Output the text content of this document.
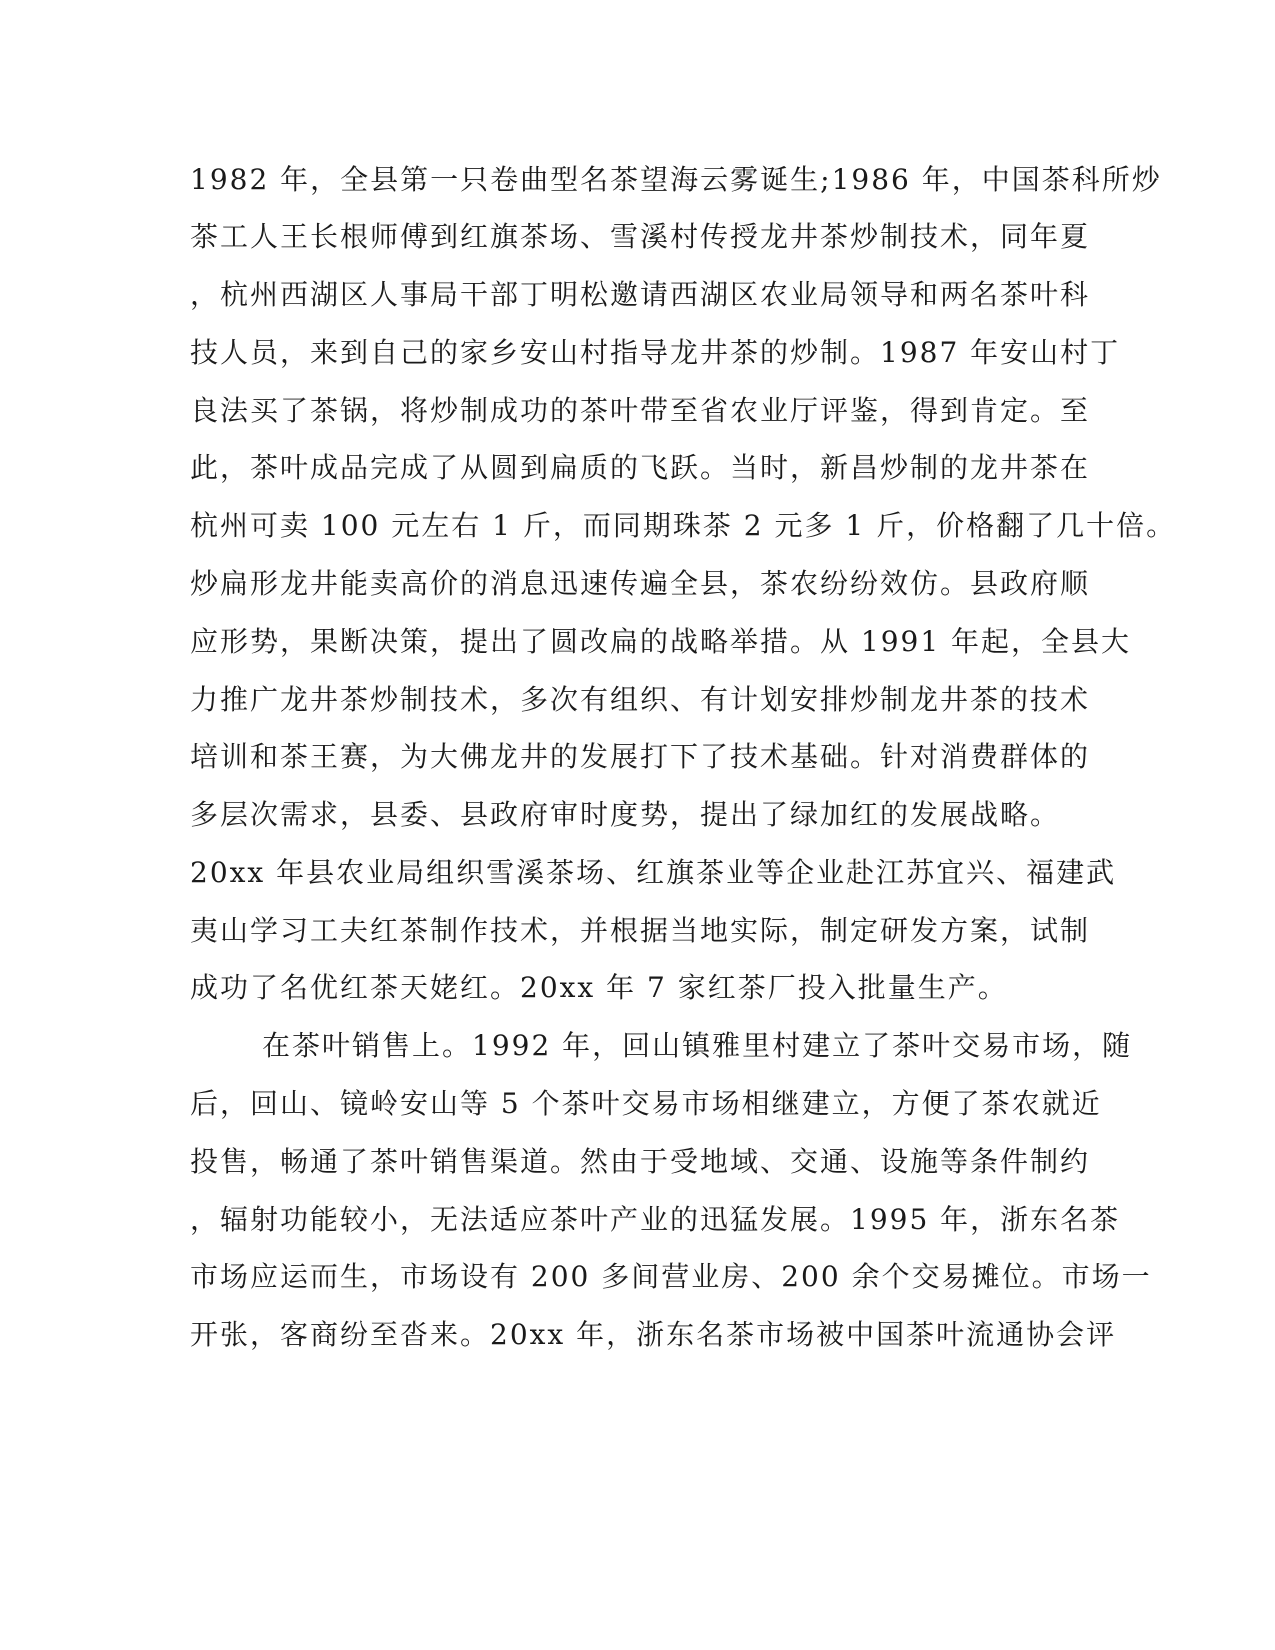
1982 年，全县第一只卷曲型名茶望海云雾诞生;1986 年，中国茶科所炒
茶工人王长根师傅到红旗茶场、雪溪村传授龙井茶炒制技术，同年夏
，杭州西湖区人事局干部丁明松邀请西湖区农业局领导和两名茶叶科
技人员，来到自己的家乡安山村指导龙井茶的炒制。1987 年安山村丁
良法买了茶锅，将炒制成功的茶叶带至省农业厅评鉴，得到肯定。至
此，茶叶成品完成了从圆到扁质的飞跃。当时，新昌炒制的龙井茶在
杭州可卖 100 元左右 1 斤，而同期珠茶 2 元多 1 斤，价格翻了几十倍。
炒扁形龙井能卖高价的消息迅速传遍全县，茶农纷纷效仿。县政府顺
应形势，果断决策，提出了圆改扁的战略举措。从 1991 年起，全县大
力推广龙井茶炒制技术，多次有组织、有计划安排炒制龙井茶的技术
培训和茶王赛，为大佛龙井的发展打下了技术基础。针对消费群体的
多层次需求，县委、县政府审时度势，提出了绿加红的发展战略。
20xx 年县农业局组织雪溪茶场、红旗茶业等企业赴江苏宜兴、福建武
夷山学习工夫红茶制作技术，并根据当地实际，制定研发方案，试制
成功了名优红茶天姥红。20xx 年 7 家红茶厂投入批量生产。
在茶叶销售上。1992 年，回山镇雅里村建立了茶叶交易市场，随
后，回山、镜岭安山等 5 个茶叶交易市场相继建立，方便了茶农就近
投售，畅通了茶叶销售渠道。然由于受地域、交通、设施等条件制约
，辐射功能较小，无法适应茶叶产业的迅猛发展。1995 年，浙东名茶
市场应运而生，市场设有 200 多间营业房、200 余个交易摊位。市场一
开张，客商纷至沓来。20xx 年，浙东名茶市场被中国茶叶流通协会评
